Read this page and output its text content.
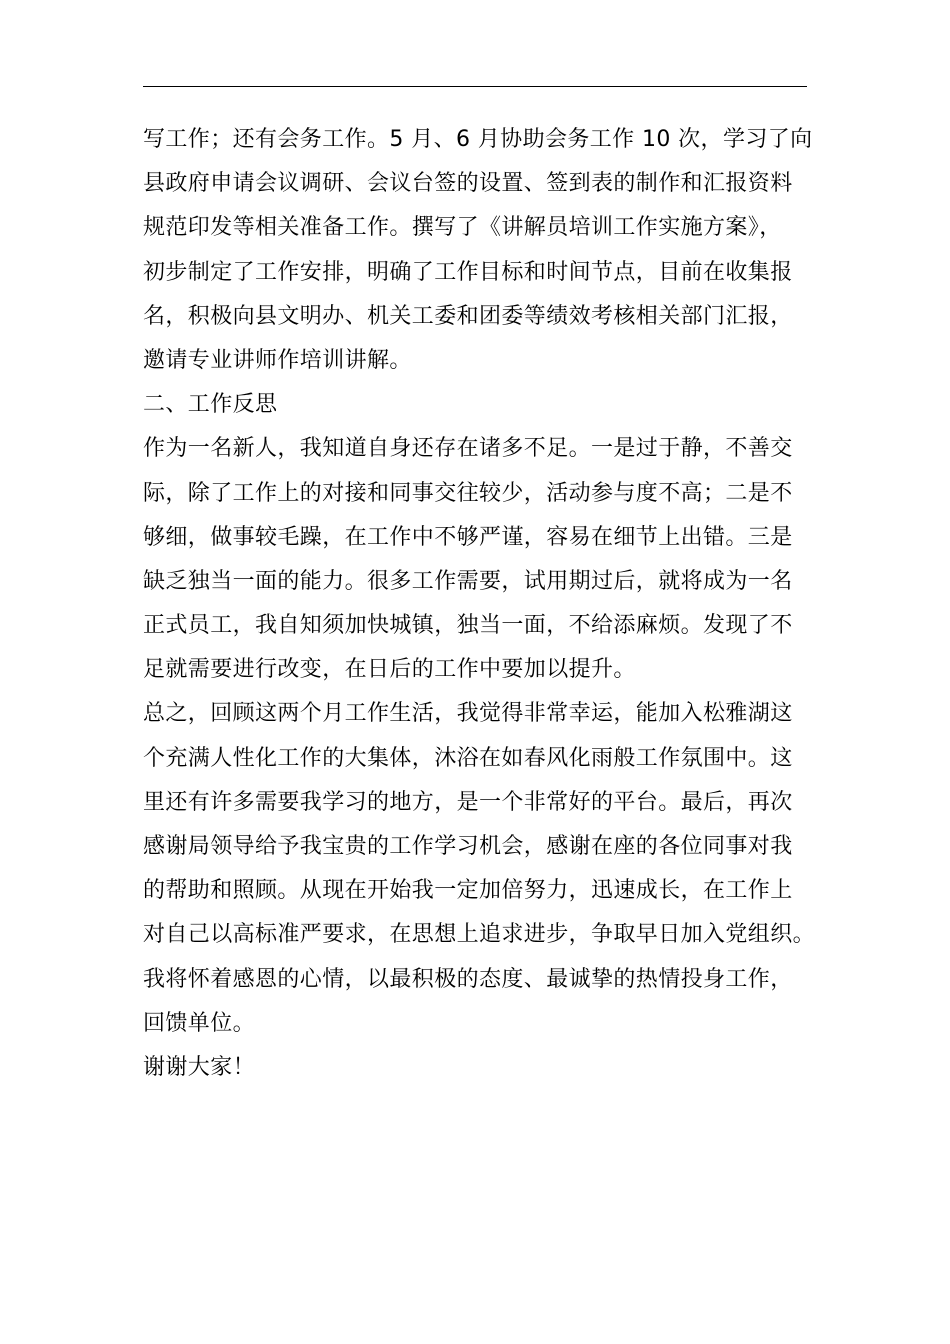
写工作；还有会务工作。5 月、6 月协助会务工作 10 次，学习了向
县政府申请会议调研、会议台签的设置、签到表的制作和汇报资料
规范印发等相关准备工作。撰写了《讲解员培训工作实施方案》，
初步制定了工作安排，明确了工作目标和时间节点，目前在收集报
名，积极向县文明办、机关工委和团委等绩效考核相关部门汇报，
邀请专业讲师作培训讲解。
二、工作反思
作为一名新人，我知道自身还存在诸多不足。一是过于静，不善交
际，除了工作上的对接和同事交往较少，活动参与度不高；二是不
够细，做事较毛躁，在工作中不够严谨，容易在细节上出错。三是
缺乏独当一面的能力。很多工作需要，试用期过后，就将成为一名
正式员工，我自知须加快城镇，独当一面，不给添麻烦。发现了不
足就需要进行改变，在日后的工作中要加以提升。
总之，回顾这两个月工作生活，我觉得非常幸运，能加入松雅湖这
个充满人性化工作的大集体，沐浴在如春风化雨般工作氛围中。这
里还有许多需要我学习的地方，是一个非常好的平台。最后，再次
感谢局领导给予我宝贵的工作学习机会，感谢在座的各位同事对我
的帮助和照顾。从现在开始我一定加倍努力，迅速成长，在工作上
对自己以高标准严要求，在思想上追求进步，争取早日加入党组织。
我将怀着感恩的心情，以最积极的态度、最诚挚的热情投身工作，
回馈单位。
谢谢大家！
